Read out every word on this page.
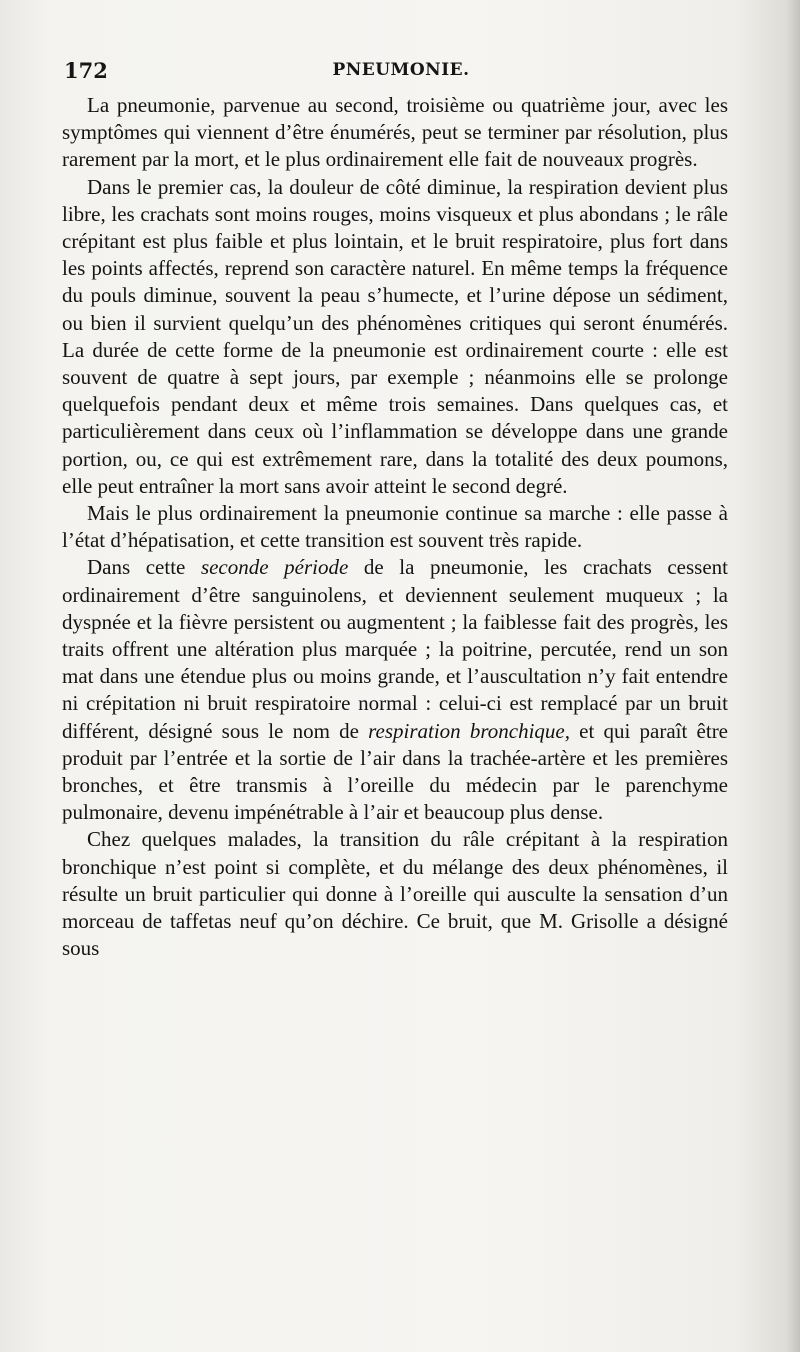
172	PNEUMONIE.

La pneumonie, parvenue au second, troisième ou quatrième jour, avec les symptômes qui viennent d’être énumérés, peut se terminer par résolution, plus rarement par la mort, et le plus ordinairement elle fait de nouveaux progrès.

Dans le premier cas, la douleur de côté diminue, la respiration devient plus libre, les crachats sont moins rouges, moins visqueux et plus abondans ; le râle crépitant est plus faible et plus lointain, et le bruit respiratoire, plus fort dans les points affectés, reprend son caractère naturel. En même temps la fréquence du pouls diminue, souvent la peau s’humecte, et l’urine dépose un sédiment, ou bien il survient quelqu’un des phénomènes critiques qui seront énumérés. La durée de cette forme de la pneumonie est ordinairement courte : elle est souvent de quatre à sept jours, par exemple ; néanmoins elle se prolonge quelquefois pendant deux et même trois semaines. Dans quelques cas, et particulièrement dans ceux où l’inflammation se développe dans une grande portion, ou, ce qui est extrêmement rare, dans la totalité des deux poumons, elle peut entraîner la mort sans avoir atteint le second degré.

Mais le plus ordinairement la pneumonie continue sa marche : elle passe à l’état d’hépatisation, et cette transition est souvent très rapide.

Dans cette seconde période de la pneumonie, les crachats cessent ordinairement d’être sanguinolens, et deviennent seulement muqueux ; la dyspnée et la fièvre persistent ou augmentent ; la faiblesse fait des progrès, les traits offrent une altération plus marquée ; la poitrine, percutée, rend un son mat dans une étendue plus ou moins grande, et l’auscultation n’y fait entendre ni crépitation ni bruit respiratoire normal : celui-ci est remplacé par un bruit différent, désigné sous le nom de respiration bronchique, et qui paraît être produit par l’entrée et la sortie de l’air dans la trachée-artère et les premières bronches, et être transmis à l’oreille du médecin par le parenchyme pulmonaire, devenu impénétrable à l’air et beaucoup plus dense.

Chez quelques malades, la transition du râle crépitant à la respiration bronchique n’est point si complète, et du mélange des deux phénomènes, il résulte un bruit particulier qui donne à l’oreille qui ausculte la sensation d’un morceau de taffetas neuf qu’on déchire. Ce bruit, que M. Grisolle a désigné sous
